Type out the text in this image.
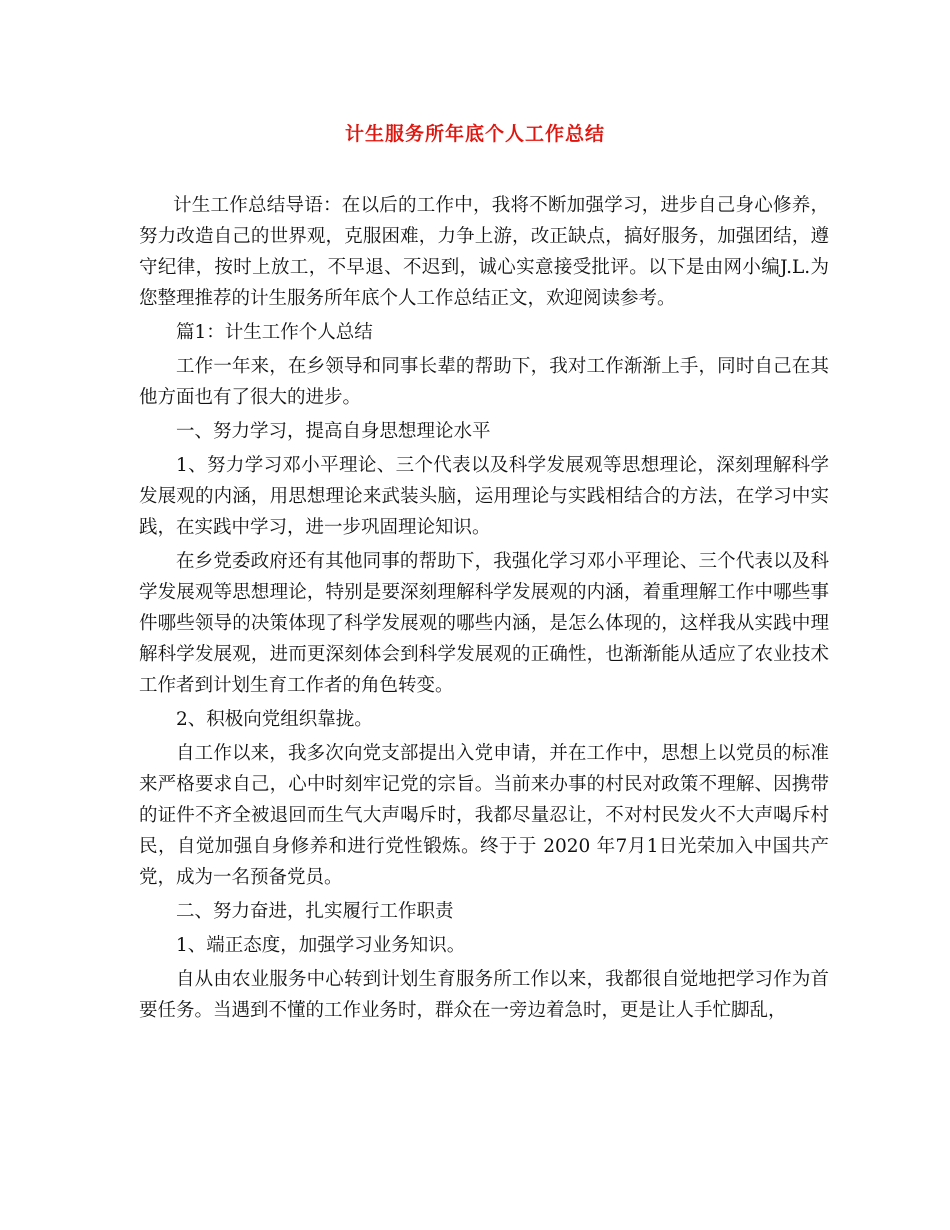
计生服务所年底个人工作总结

计生工作总结导语：在以后的工作中，我将不断加强学习，进步自己身心修养，努力改造自己的世界观，克服困难，力争上游，改正缺点，搞好服务，加强团结，遵守纪律，按时上放工，不早退、不迟到，诚心实意接受批评。以下是由网小编J.L.为您整理推荐的计生服务所年底个人工作总结正文，欢迎阅读参考。

篇1：计生工作个人总结

工作一年来，在乡领导和同事长辈的帮助下，我对工作渐渐上手，同时自己在其他方面也有了很大的进步。

一、努力学习，提高自身思想理论水平

1、努力学习邓小平理论、三个代表以及科学发展观等思想理论，深刻理解科学发展观的内涵，用思想理论来武装头脑，运用理论与实践相结合的方法，在学习中实践，在实践中学习，进一步巩固理论知识。

在乡党委政府还有其他同事的帮助下，我强化学习邓小平理论、三个代表以及科学发展观等思想理论，特别是要深刻理解科学发展观的内涵，着重理解工作中哪些事件哪些领导的决策体现了科学发展观的哪些内涵，是怎么体现的，这样我从实践中理解科学发展观，进而更深刻体会到科学发展观的正确性，也渐渐能从适应了农业技术工作者到计划生育工作者的角色转变。

2、积极向党组织靠拢。

自工作以来，我多次向党支部提出入党申请，并在工作中，思想上以党员的标准来严格要求自己，心中时刻牢记党的宗旨。当前来办事的村民对政策不理解、因携带的证件不齐全被退回而生气大声喝斥时，我都尽量忍让，不对村民发火不大声喝斥村民，自觉加强自身修养和进行党性锻炼。终于于 2020 年7月1日光荣加入中国共产党，成为一名预备党员。

二、努力奋进，扎实履行工作职责

1、端正态度，加强学习业务知识。

自从由农业服务中心转到计划生育服务所工作以来，我都很自觉地把学习作为首要任务。当遇到不懂的工作业务时，群众在一旁边着急时，更是让人手忙脚乱，
